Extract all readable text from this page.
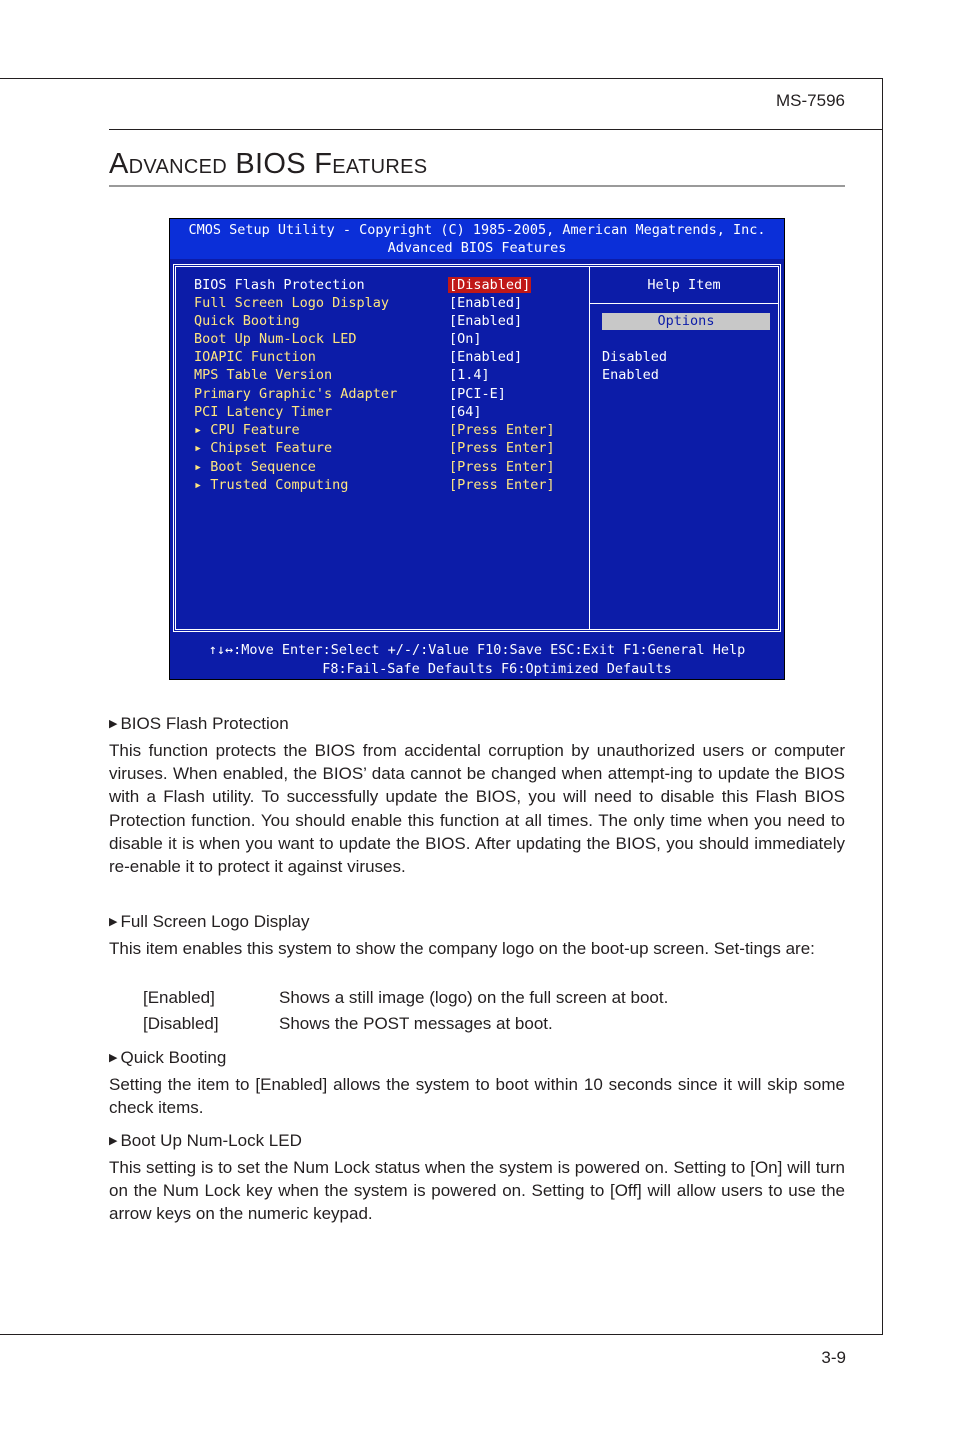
MS-7596
Advanced BIOS Features
CMOS Setup Utility - Copyright (C) 1985-2005, American Megatrends, Inc.
Advanced BIOS Features
BIOS Flash Protection	[Disabled]
Full Screen Logo Display	[Enabled]
Quick Booting	[Enabled]
Boot Up Num-Lock LED	[On]
IOAPIC Function	[Enabled]
MPS Table Version	[1.4]
Primary Graphic's Adapter	[PCI-E]
PCI Latency Timer	[64]
▸ CPU Feature	[Press Enter]
▸ Chipset Feature	[Press Enter]
▸ Boot Sequence	[Press Enter]
▸ Trusted Computing	[Press Enter]
Help Item
Options
Disabled
Enabled
↑↓↔:Move Enter:Select +/-/:Value F10:Save ESC:Exit F1:General Help
F8:Fail-Safe Defaults F6:Optimized Defaults
▶ BIOS Flash Protection

This function protects the BIOS from accidental corruption by unauthorized users or computer viruses. When enabled, the BIOS’ data cannot be changed when attempt-ing to update the BIOS with a Flash utility. To successfully update the BIOS, you will need to disable this Flash BIOS Protection function. You should enable this function at all times. The only time when you need to disable it is when you want to update the BIOS. After updating the BIOS, you should immediately re-enable it to protect it against viruses.

▶ Full Screen Logo Display

This item enables this system to show the company logo on the boot-up screen. Set-tings are:

[Enabled]	Shows a still image (logo) on the full screen at boot.
[Disabled]	Shows the POST messages at boot.
▶ Quick Booting

Setting the item to [Enabled] allows the system to boot within 10 seconds since it will skip some check items.

▶ Boot Up Num-Lock LED

This setting is to set the Num Lock status when the system is powered on. Setting to [On] will turn on the Num Lock key when the system is powered on. Setting to [Off] will allow users to use the arrow keys on the numeric keypad.

3-9
